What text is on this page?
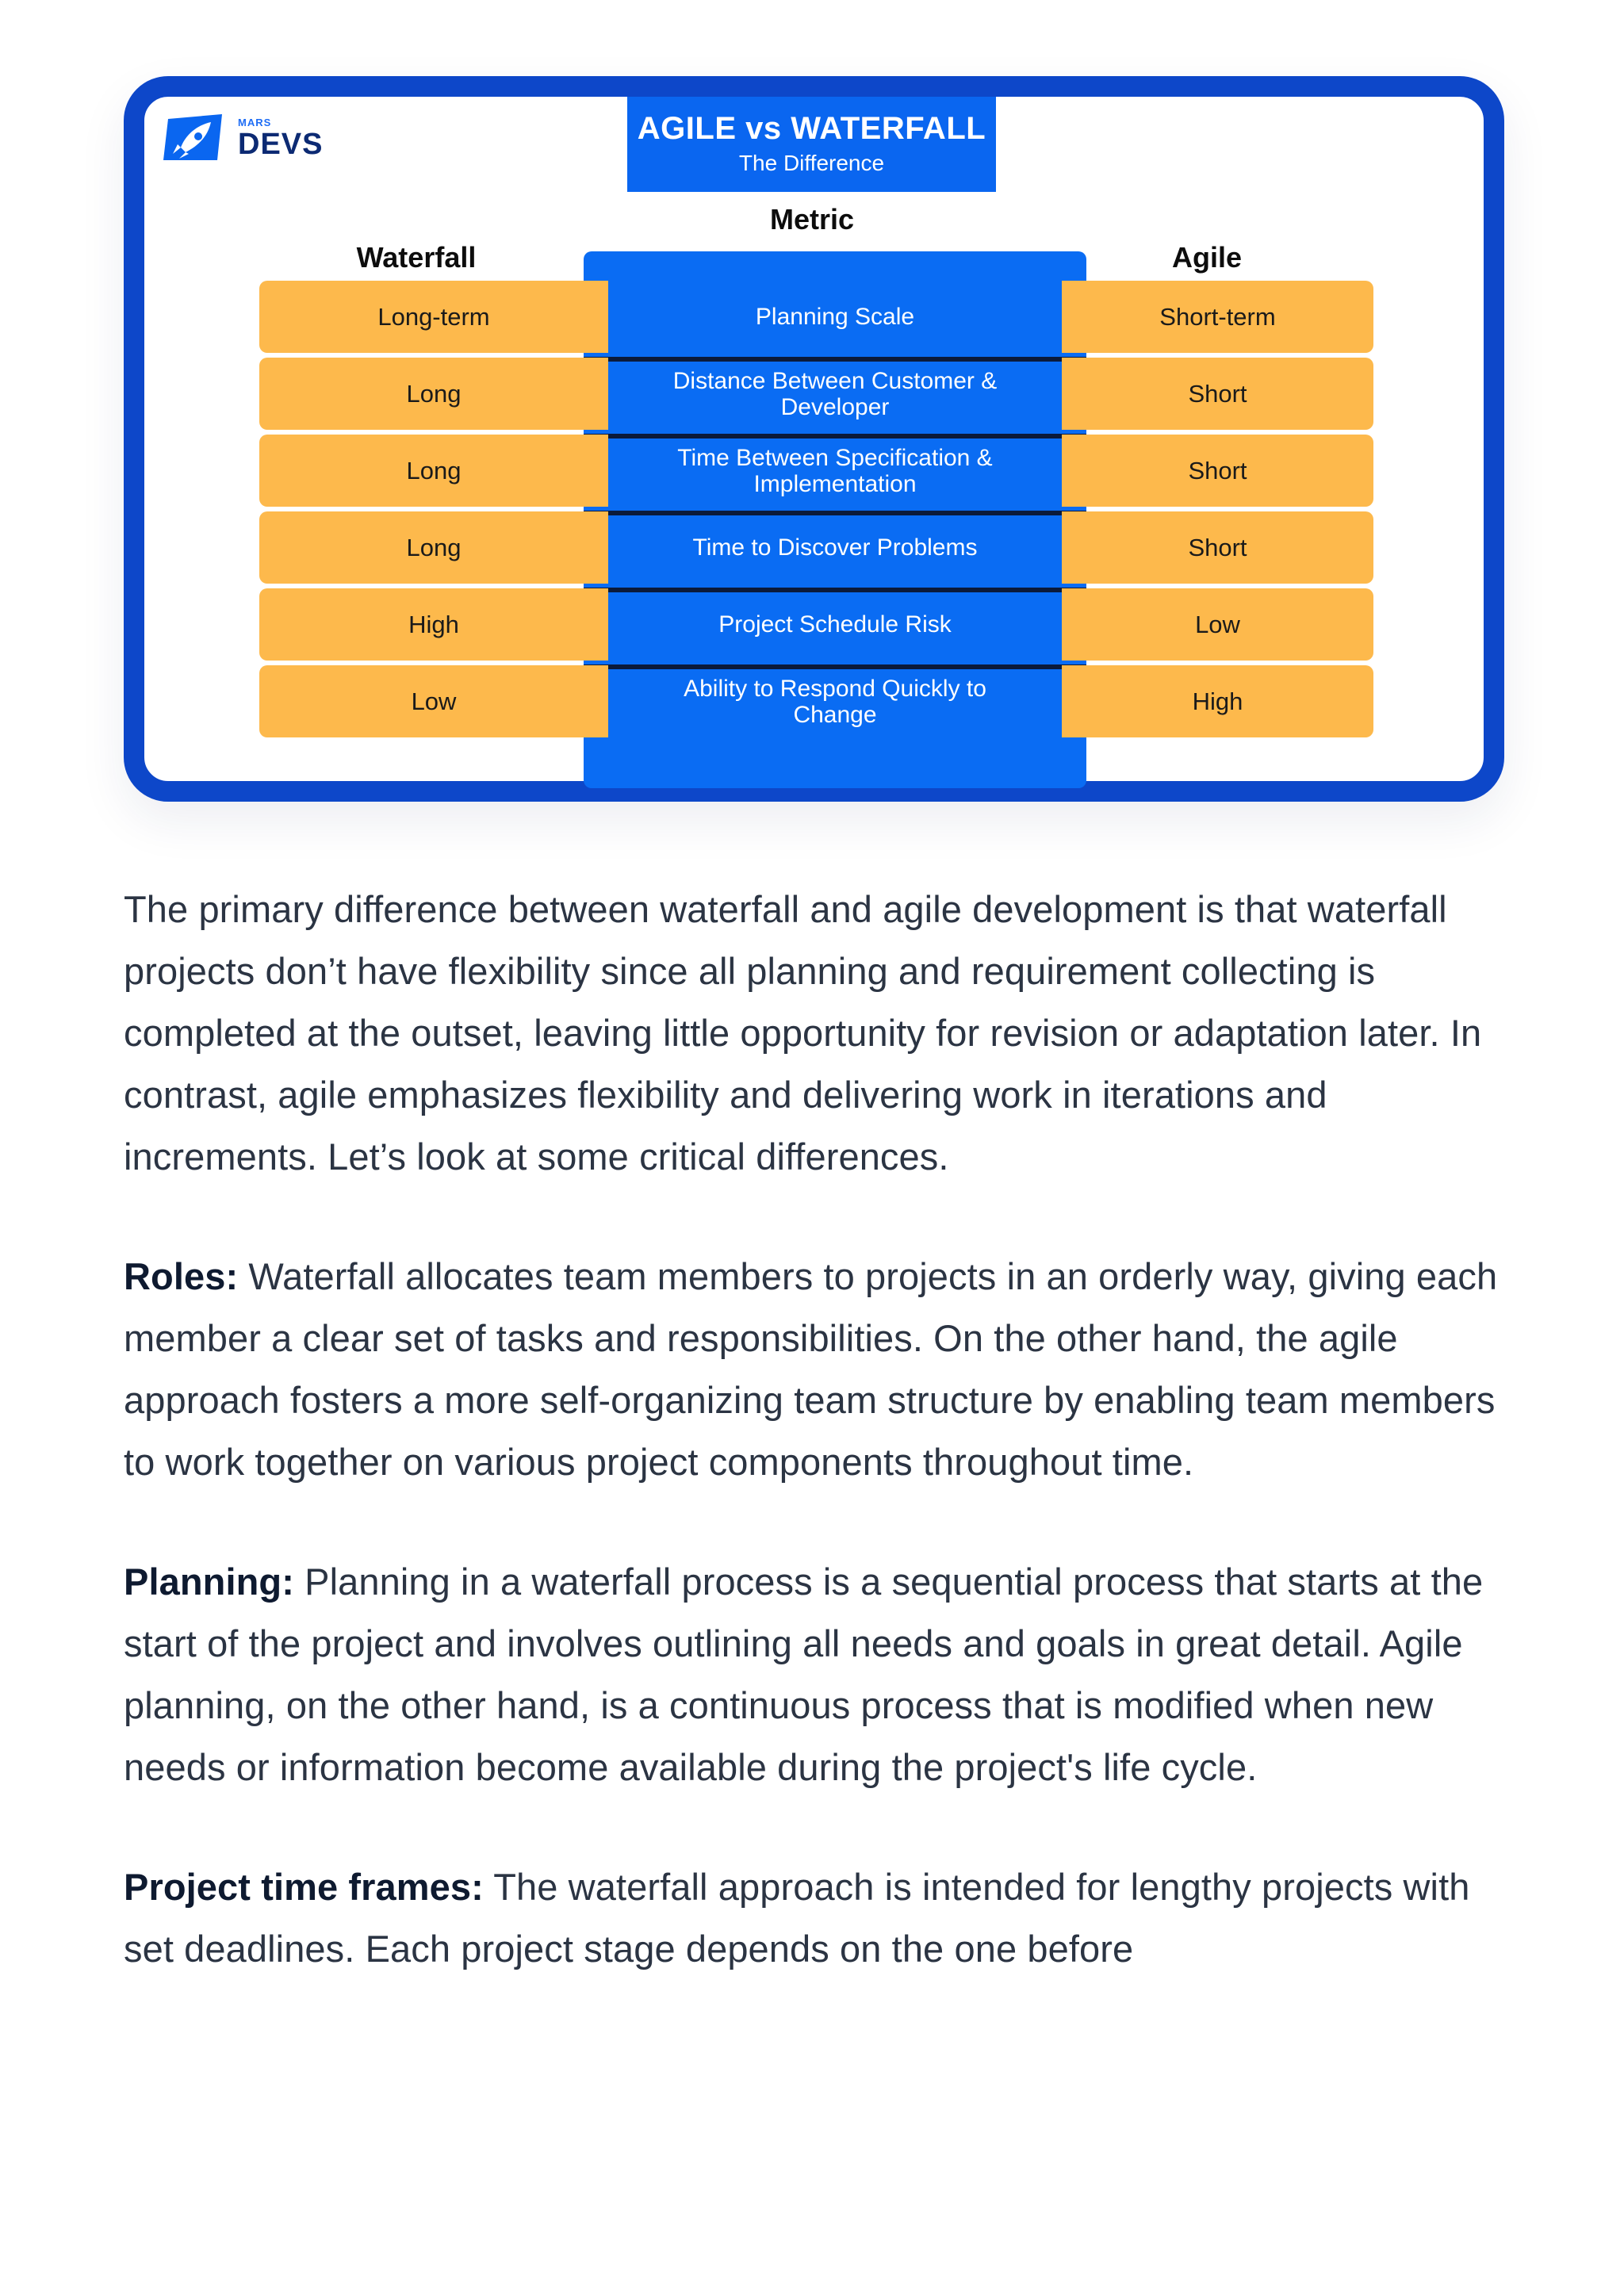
MARS
DEVS	AGILE vs WATERFALL
The Difference
Waterfall
Metric
Agile
Long-term	Planning Scale	Short-term
Long	Distance Between Customer & Developer	Short
Long	Time Between Specification & Implementation	Short
Long	Time to Discover Problems	Short
High	Project Schedule Risk	Low
Low	Ability to Respond Quickly to Change	High

The primary difference between waterfall and agile development is that waterfall projects don’t have flexibility since all planning and requirement collecting is completed at the outset, leaving little opportunity for revision or adaptation later. In contrast, agile emphasizes flexibility and delivering work in iterations and increments. Let’s look at some critical differences.

Roles: Waterfall allocates team members to projects in an orderly way, giving each member a clear set of tasks and responsibilities. On the other hand, the agile approach fosters a more self-organizing team structure by enabling team members to work together on various project components throughout time.

Planning: Planning in a waterfall process is a sequential process that starts at the start of the project and involves outlining all needs and goals in great detail. Agile planning, on the other hand, is a continuous process that is modified when new needs or information become available during the project's life cycle.

Project time frames: The waterfall approach is intended for lengthy projects with set deadlines. Each project stage depends on the one before
